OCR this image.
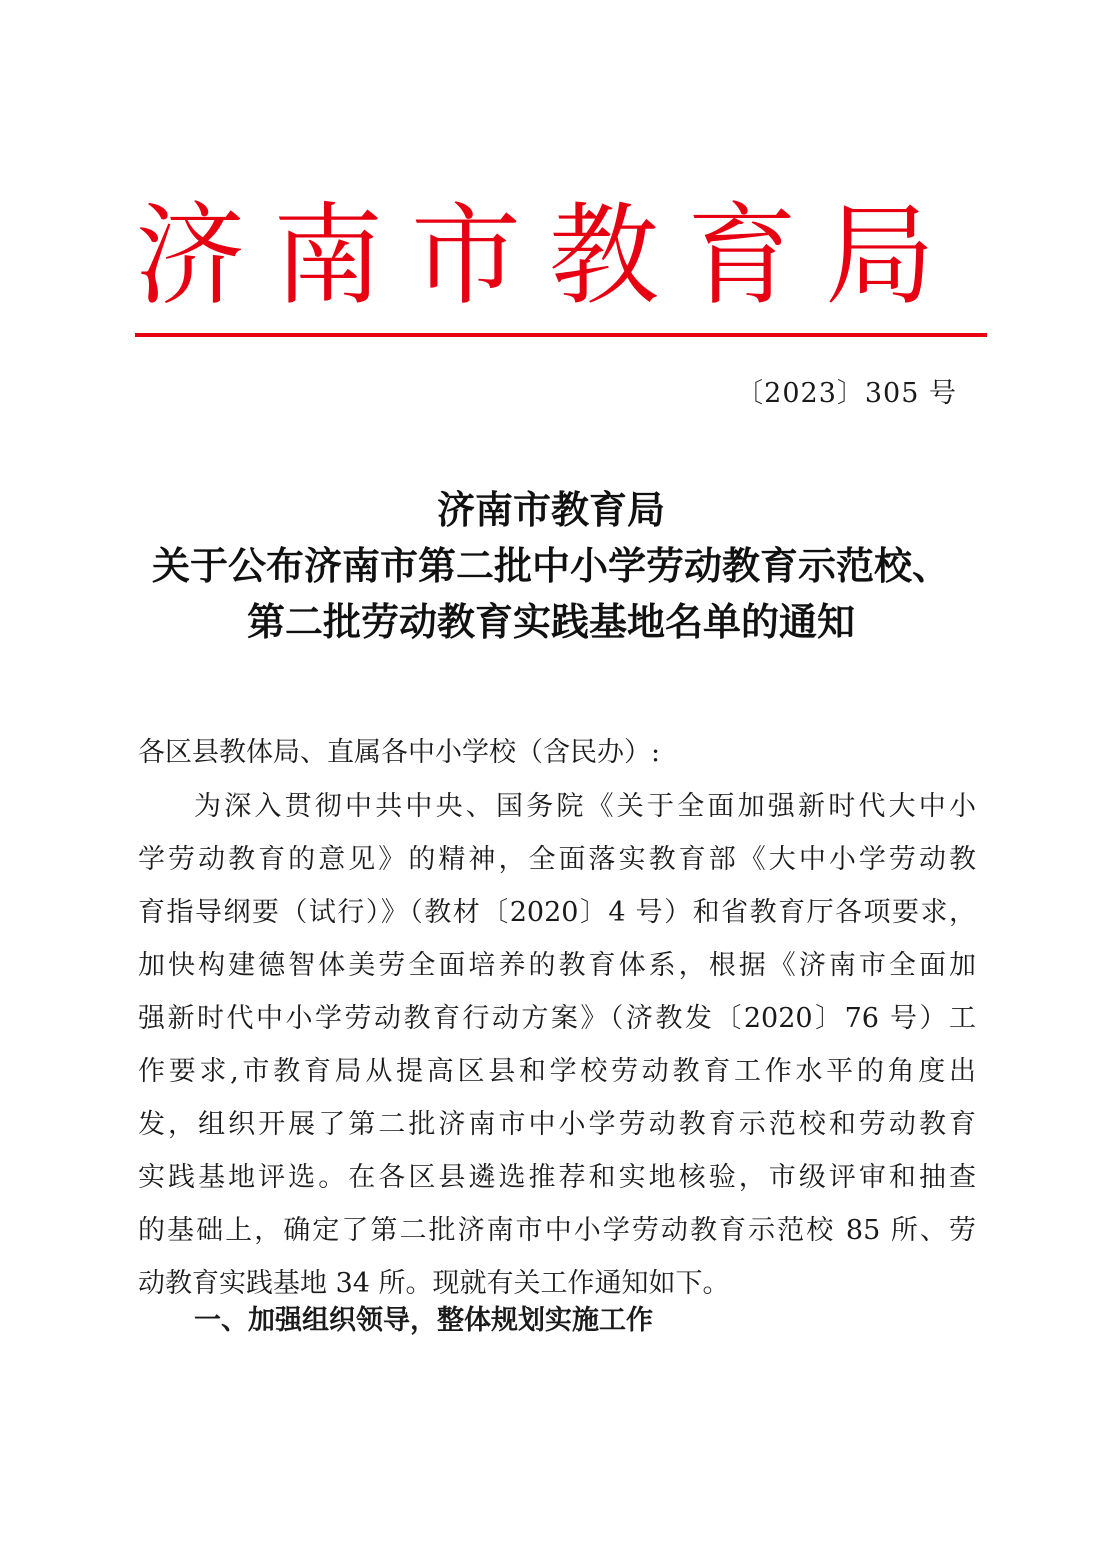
济 南 市 教 育 局
〔2023〕305 号
济南市教育局
关于公布济南市第二批中小学劳动教育示范校、
第二批劳动教育实践基地名单的通知
各区县教体局、直属各中小学校（含民办）:
为深入贯彻中共中央、国务院《关于全面加强新时代大中小
学劳动教育的意见》的精神，全面落实教育部《大中小学劳动教
育指导纲要（试行）》（教材〔2020〕4 号）和省教育厅各项要求，
加快构建德智体美劳全面培养的教育体系，根据《济南市全面加
强新时代中小学劳动教育行动方案》（济教发〔2020〕76 号）工
作要求,市教育局从提高区县和学校劳动教育工作水平的角度出
发，组织开展了第二批济南市中小学劳动教育示范校和劳动教育
实践基地评选。在各区县遴选推荐和实地核验，市级评审和抽查
的基础上，确定了第二批济南市中小学劳动教育示范校 85 所、劳
动教育实践基地 34 所。现就有关工作通知如下。
一、加强组织领导，整体规划实施工作
